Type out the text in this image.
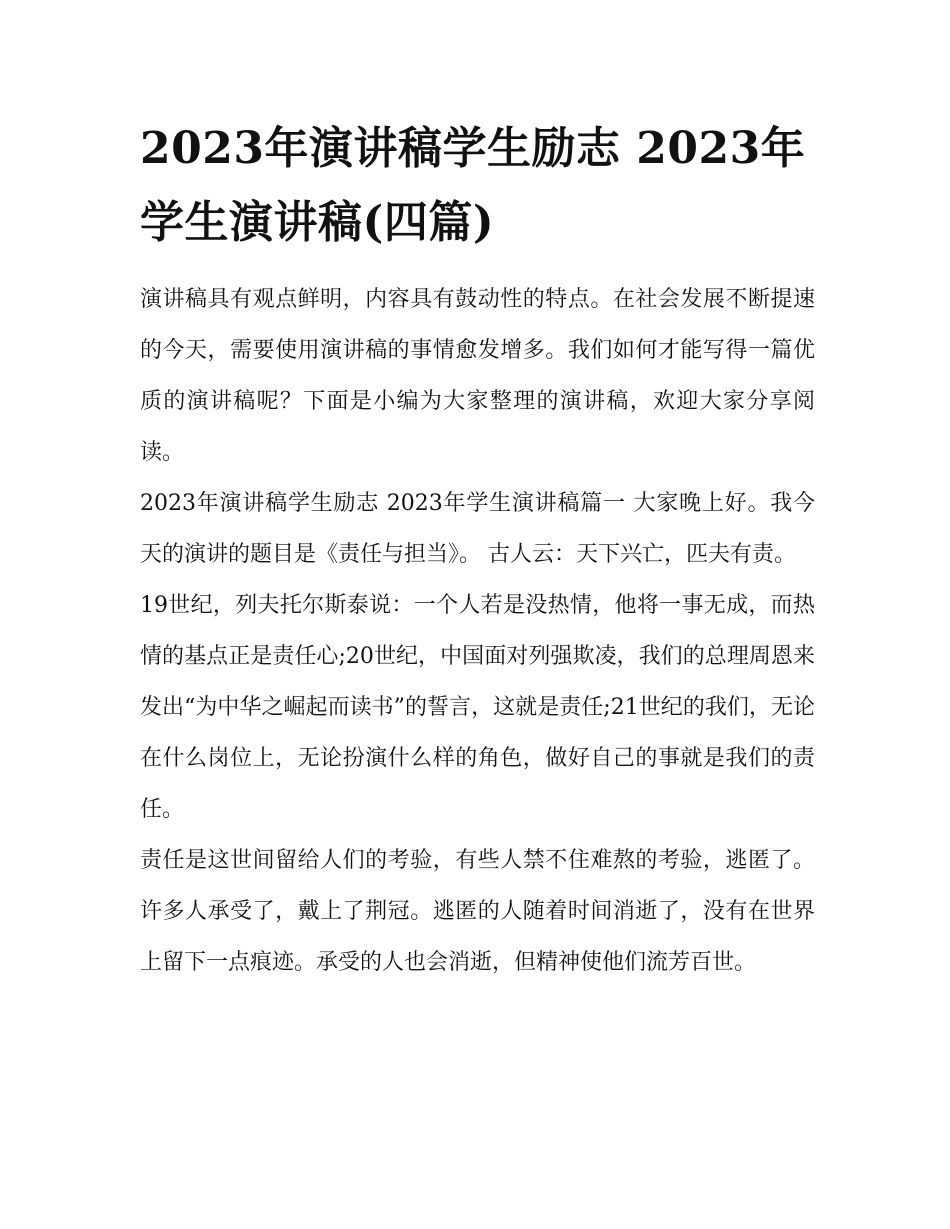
2023年演讲稿学生励志 2023年学生演讲稿(四篇)

演讲稿具有观点鲜明，内容具有鼓动性的特点。在社会发展不断提速的今天，需要使用演讲稿的事情愈发增多。我们如何才能写得一篇优质的演讲稿呢？下面是小编为大家整理的演讲稿，欢迎大家分享阅读。

2023年演讲稿学生励志 2023年学生演讲稿篇一 大家晚上好。我今天的演讲的题目是《责任与担当》。 古人云：天下兴亡，匹夫有责。

19世纪，列夫托尔斯泰说：一个人若是没热情，他将一事无成，而热情的基点正是责任心;20世纪，中国面对列强欺凌，我们的总理周恩来发出“为中华之崛起而读书”的誓言，这就是责任;21世纪的我们，无论在什么岗位上，无论扮演什么样的角色，做好自己的事就是我们的责任。

责任是这世间留给人们的考验，有些人禁不住难熬的考验，逃匿了。许多人承受了，戴上了荆冠。逃匿的人随着时间消逝了，没有在世界上留下一点痕迹。承受的人也会消逝，但精神使他们流芳百世。
